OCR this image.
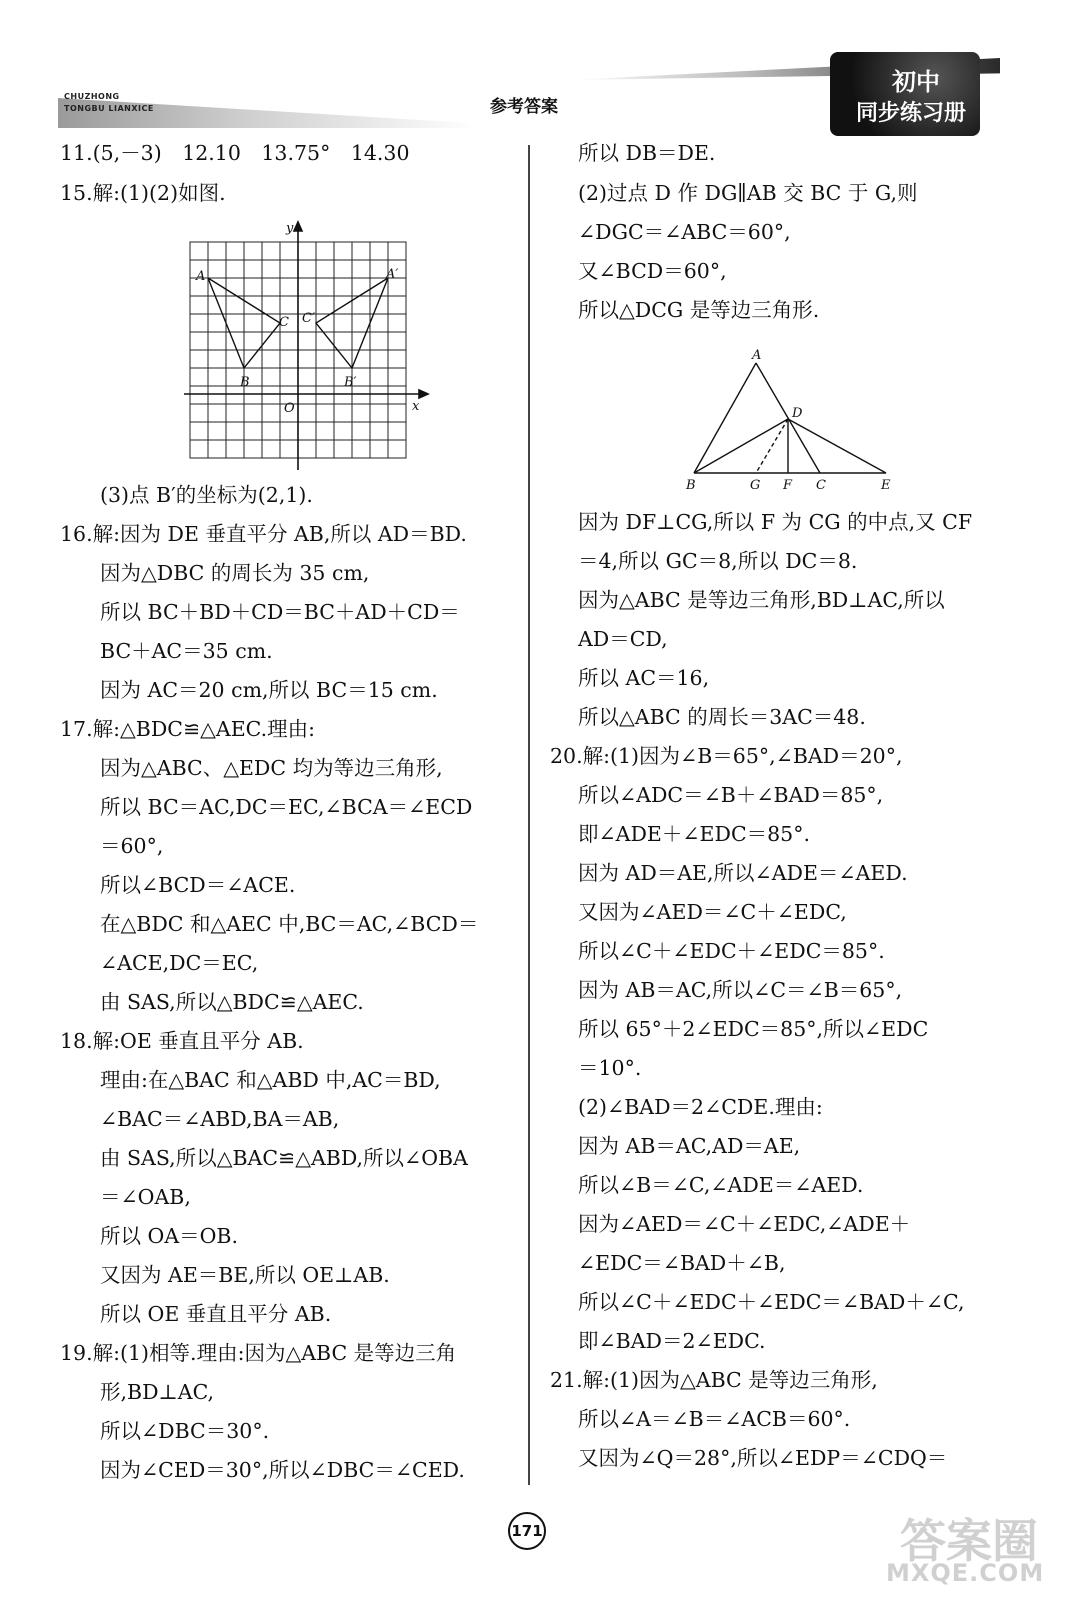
CHUZHONG
TONGBU LIANXICE	参考答案
初中
同步练习册
11.(5,－3)　12.10　13.75°　14.30
15.解:(1)(2)如图.
(3)点 B′的坐标为(2,1).
16.解:因为 DE 垂直平分 AB,所以 AD＝BD.
因为△DBC 的周长为 35 cm,
所以 BC＋BD＋CD＝BC＋AD＋CD＝
BC＋AC＝35 cm.
因为 AC＝20 cm,所以 BC＝15 cm.
17.解:△BDC≌△AEC.理由:
因为△ABC、△EDC 均为等边三角形,
所以 BC＝AC,DC＝EC,∠BCA＝∠ECD
＝60°,
所以∠BCD＝∠ACE.
在△BDC 和△AEC 中,BC＝AC,∠BCD＝
∠ACE,DC＝EC,
由 SAS,所以△BDC≌△AEC.
18.解:OE 垂直且平分 AB.
理由:在△BAC 和△ABD 中,AC＝BD,
∠BAC＝∠ABD,BA＝AB,
由 SAS,所以△BAC≌△ABD,所以∠OBA
＝∠OAB,
所以 OA＝OB.
又因为 AE＝BE,所以 OE⊥AB.
所以 OE 垂直且平分 AB.
19.解:(1)相等.理由:因为△ABC 是等边三角
形,BD⊥AC,
所以∠DBC＝30°.
因为∠CED＝30°,所以∠DBC＝∠CED.
A	A′
B	B′
C C′
O	x
y
所以 DB＝DE.
(2)过点 D 作 DG∥AB 交 BC 于 G,则
∠DGC＝∠ABC＝60°,
又∠BCD＝60°,
所以△DCG 是等边三角形.
因为 DF⊥CG,所以 F 为 CG 的中点,又 CF
＝4,所以 GC＝8,所以 DC＝8.
因为△ABC 是等边三角形,BD⊥AC,所以
AD＝CD,
所以 AC＝16,
所以△ABC 的周长＝3AC＝48.
20.解:(1)因为∠B＝65°,∠BAD＝20°,
所以∠ADC＝∠B＋∠BAD＝85°,
即∠ADE＋∠EDC＝85°.
因为 AD＝AE,所以∠ADE＝∠AED.
又因为∠AED＝∠C＋∠EDC,
所以∠C＋∠EDC＋∠EDC＝85°.
因为 AB＝AC,所以∠C＝∠B＝65°,
所以 65°＋2∠EDC＝85°,所以∠EDC
＝10°.
(2)∠BAD＝2∠CDE.理由:
因为 AB＝AC,AD＝AE,
所以∠B＝∠C,∠ADE＝∠AED.
因为∠AED＝∠C＋∠EDC,∠ADE＋
∠EDC＝∠BAD＋∠B,
所以∠C＋∠EDC＋∠EDC＝∠BAD＋∠C,
即∠BAD＝2∠EDC.
21.解:(1)因为△ABC 是等边三角形,
所以∠A＝∠B＝∠ACB＝60°.
又因为∠Q＝28°,所以∠EDP＝∠CDQ＝
A
D
B	G F C	E
171	答案圈
MXQE.COM
